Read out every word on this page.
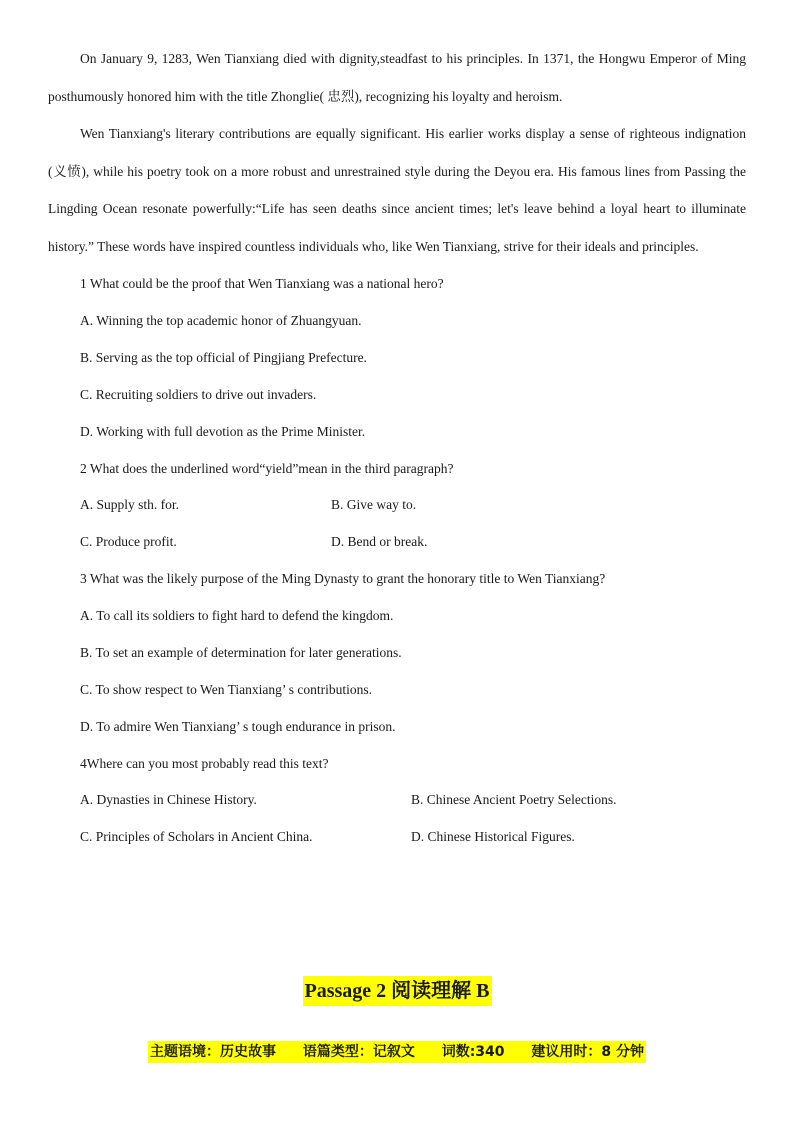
On January 9, 1283, Wen Tianxiang died with dignity,steadfast to his principles. In 1371, the Hongwu Emperor of Ming posthumously honored him with the title Zhonglie( 忠烈), recognizing his loyalty and heroism.

Wen Tianxiang's literary contributions are equally significant. His earlier works display a sense of righteous indignation (义愤), while his poetry took on a more robust and unrestrained style during the Deyou era. His famous lines from Passing the Lingding Ocean resonate powerfully:“Life has seen deaths since ancient times; let's leave behind a loyal heart to illuminate history.” These words have inspired countless individuals who, like Wen Tianxiang, strive for their ideals and principles.

1 What could be the proof that Wen Tianxiang was a national hero?

A. Winning the top academic honor of Zhuangyuan.

B. Serving as the top official of Pingjiang Prefecture.

C. Recruiting soldiers to drive out invaders.

D. Working with full devotion as the Prime Minister.

2 What does the underlined word“yield”mean in the third paragraph?

A. Supply sth. for.	B. Give way to.
C. Produce profit.	D. Bend or break.

3 What was the likely purpose of the Ming Dynasty to grant the honorary title to Wen Tianxiang?

A. To call its soldiers to fight hard to defend the kingdom.

B. To set an example of determination for later generations.

C. To show respect to Wen Tianxiang’ s contributions.

D. To admire Wen Tianxiang’ s tough endurance in prison.

4Where can you most probably read this text?

A. Dynasties in Chinese History.	B. Chinese Ancient Poetry Selections.
C. Principles of Scholars in Ancient China.	D. Chinese Historical Figures.
Passage 2 阅读理解 B
主题语境：历史故事 语篇类型：记叙文 词数:340 建议用时：8 分钟
